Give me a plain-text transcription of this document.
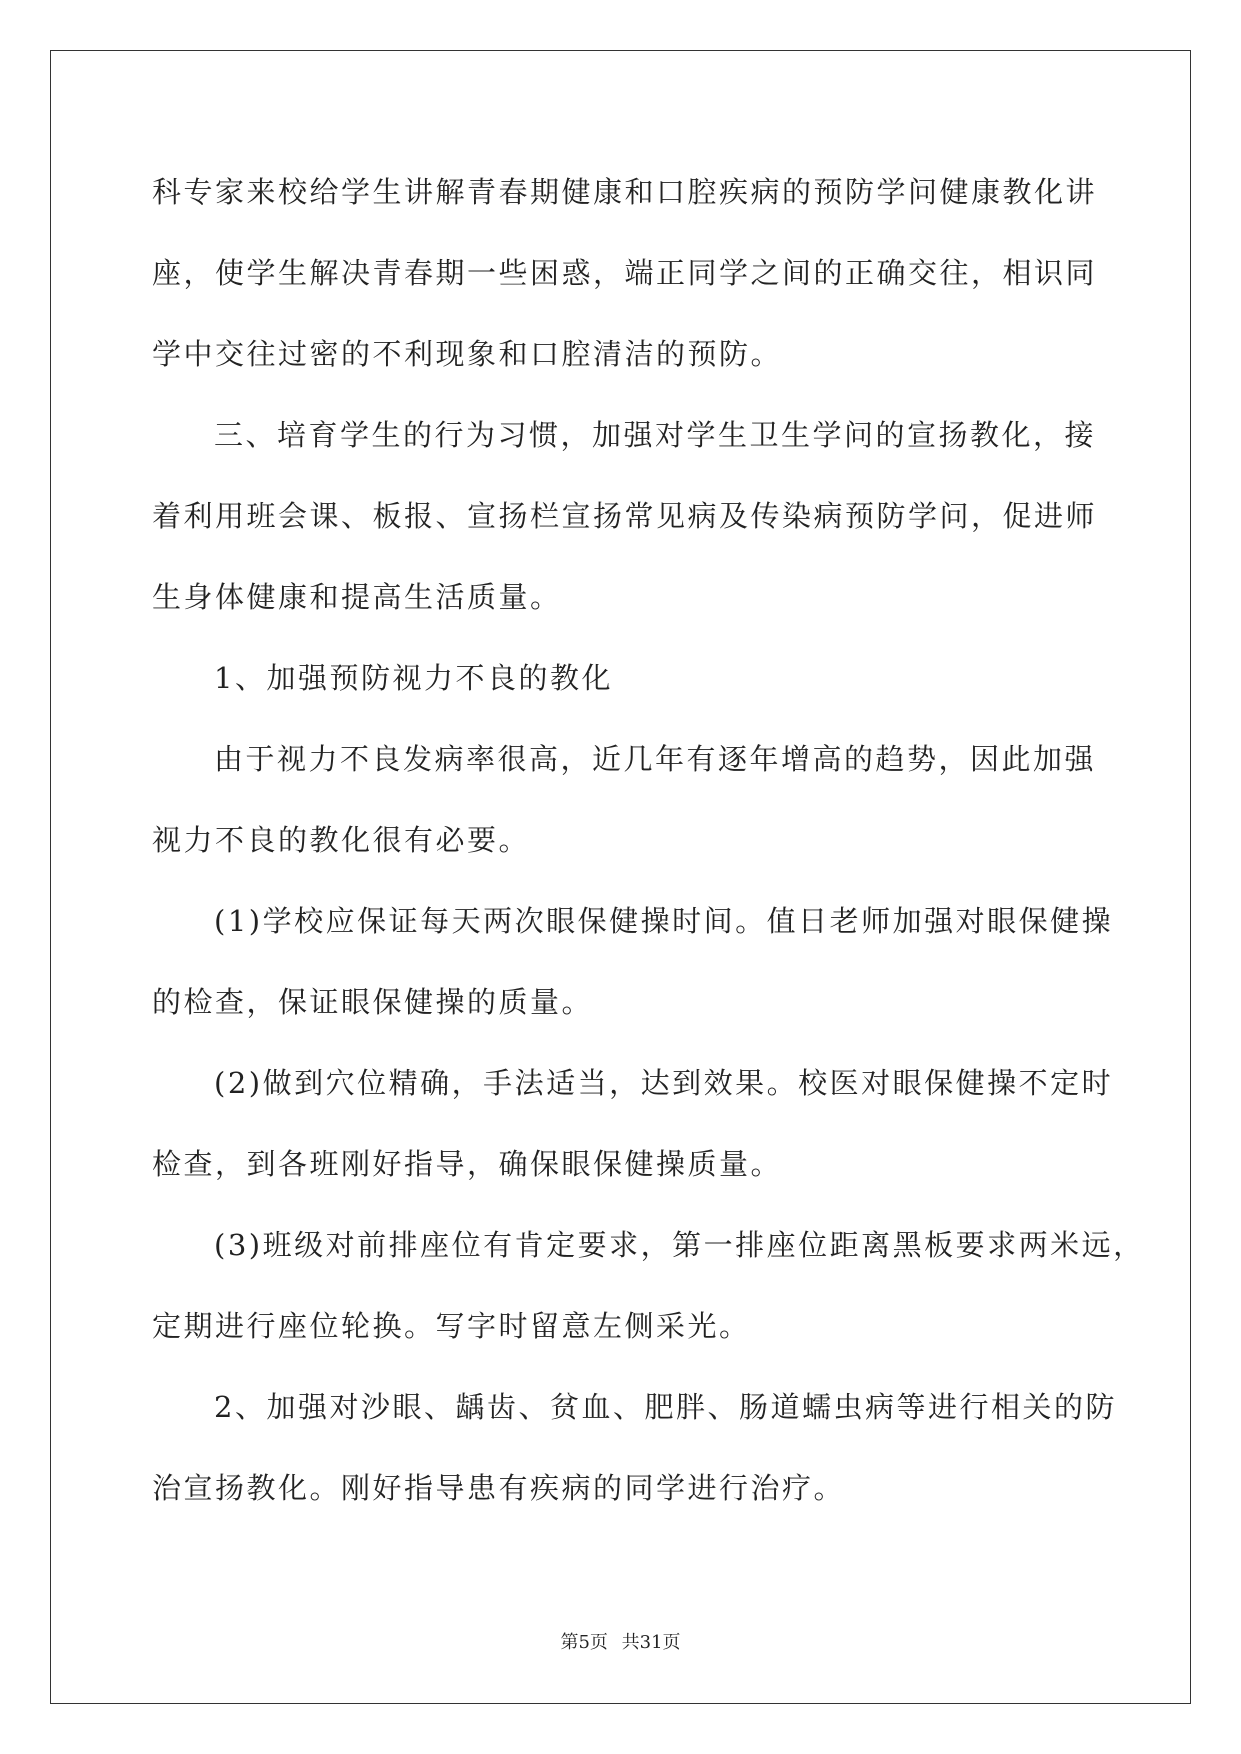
科专家来校给学生讲解青春期健康和口腔疾病的预防学问健康教化讲
座，使学生解决青春期一些困惑，端正同学之间的正确交往，相识同
学中交往过密的不利现象和口腔清洁的预防。
三、培育学生的行为习惯，加强对学生卫生学问的宣扬教化，接
着利用班会课、板报、宣扬栏宣扬常见病及传染病预防学问，促进师
生身体健康和提高生活质量。
1、加强预防视力不良的教化
由于视力不良发病率很高，近几年有逐年增高的趋势，因此加强
视力不良的教化很有必要。
(1)学校应保证每天两次眼保健操时间。值日老师加强对眼保健操
的检查，保证眼保健操的质量。
(2)做到穴位精确，手法适当，达到效果。校医对眼保健操不定时
检查，到各班刚好指导，确保眼保健操质量。
(3)班级对前排座位有肯定要求，第一排座位距离黑板要求两米远，
定期进行座位轮换。写字时留意左侧采光。
2、加强对沙眼、龋齿、贫血、肥胖、肠道蠕虫病等进行相关的防
治宣扬教化。刚好指导患有疾病的同学进行治疗。
第5页 共31页
